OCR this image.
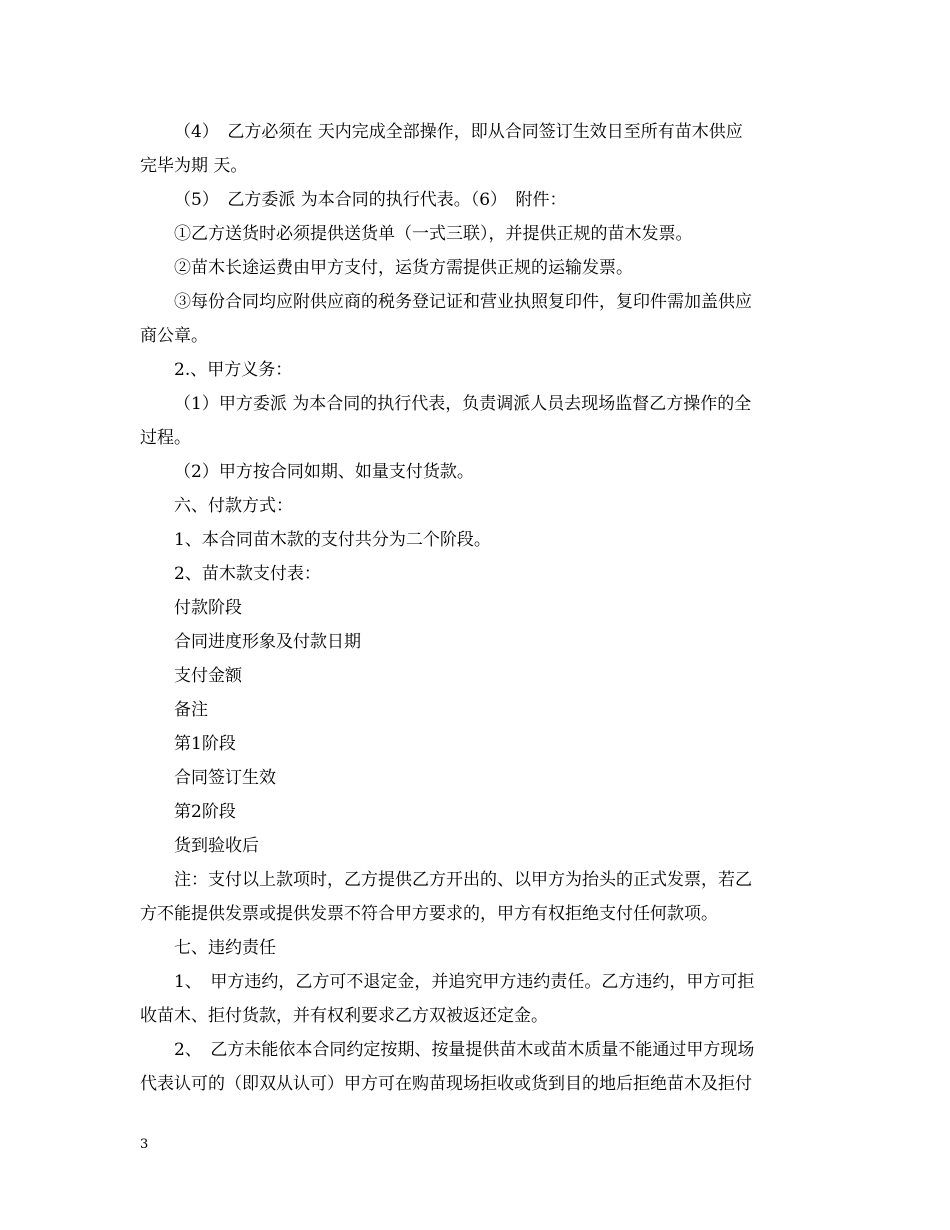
（4）　乙方必须在 天内完成全部操作，即从合同签订生效日至所有苗木供应
完毕为期 天。
（5）　乙方委派 为本合同的执行代表。（6）　附件：
①乙方送货时必须提供送货单（一式三联），并提供正规的苗木发票。
②苗木长途运费由甲方支付，运货方需提供正规的运输发票。
③每份合同均应附供应商的税务登记证和营业执照复印件，复印件需加盖供应
商公章。
2.、甲方义务：
（1）甲方委派 为本合同的执行代表，负责调派人员去现场监督乙方操作的全
过程。
（2）甲方按合同如期、如量支付货款。
六、付款方式：
1、本合同苗木款的支付共分为二个阶段。
2、苗木款支付表：
付款阶段
合同进度形象及付款日期
支付金额
备注
第1阶段
合同签订生效
第2阶段
货到验收后
注：支付以上款项时，乙方提供乙方开出的、以甲方为抬头的正式发票，若乙
方不能提供发票或提供发票不符合甲方要求的，甲方有权拒绝支付任何款项。
七、违约责任
1、　甲方违约，乙方可不退定金，并追究甲方违约责任。乙方违约，甲方可拒
收苗木、拒付货款，并有权利要求乙方双被返还定金。
2、　乙方未能依本合同约定按期、按量提供苗木或苗木质量不能通过甲方现场
代表认可的（即双从认可）甲方可在购苗现场拒收或货到目的地后拒绝苗木及拒付
3
